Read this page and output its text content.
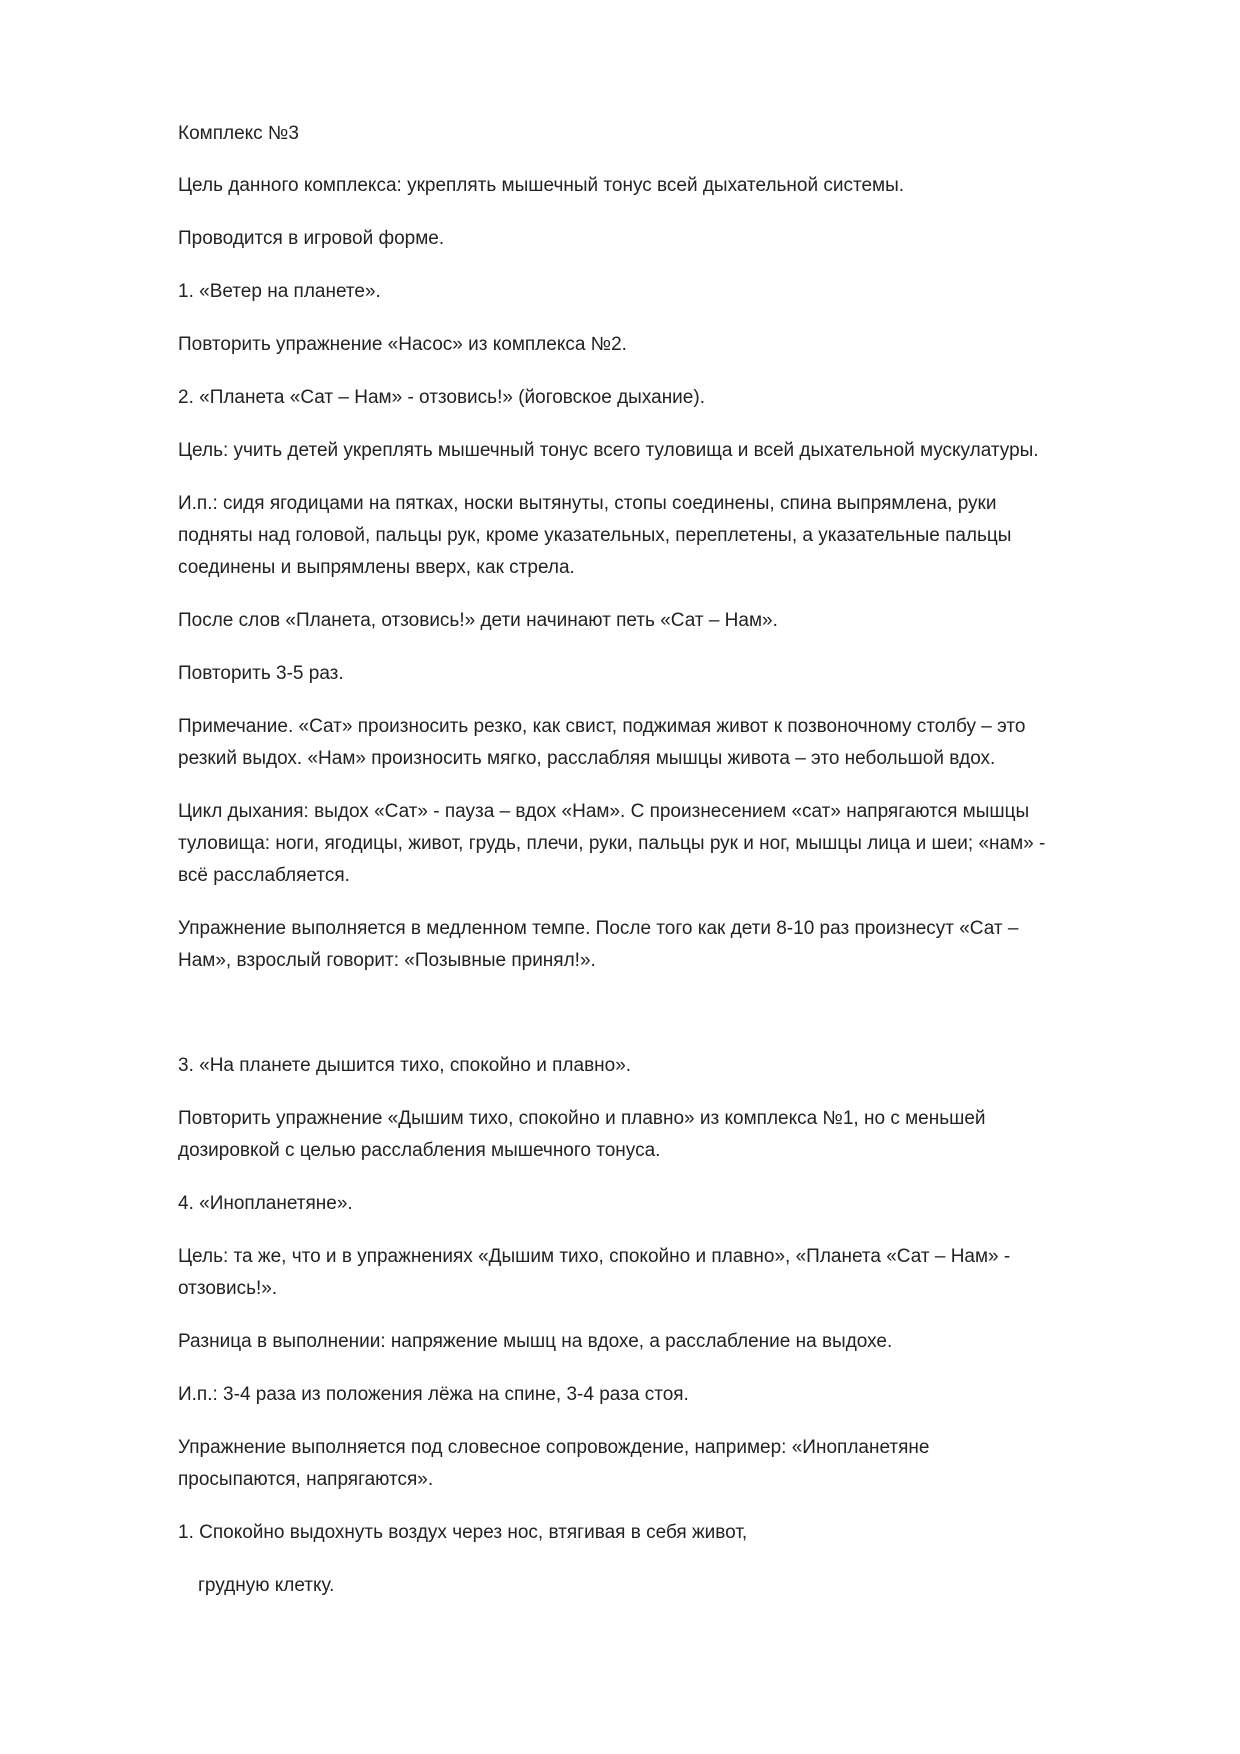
Комплекс №3

Цель данного комплекса: укреплять мышечный тонус всей дыхательной системы.

Проводится в игровой форме.

1. «Ветер на планете».

Повторить упражнение «Насос» из комплекса №2.

2. «Планета «Сат – Нам» - отзовись!» (йоговское дыхание).

Цель: учить детей укреплять мышечный тонус всего туловища и всей дыхательной мускулатуры.

И.п.: сидя ягодицами на пятках, носки вытянуты, стопы соединены, спина выпрямлена, руки
подняты над головой, пальцы рук, кроме указательных, переплетены, а указательные пальцы
соединены и выпрямлены вверх, как стрела.

После слов «Планета, отзовись!» дети начинают петь «Сат – Нам».

Повторить 3-5 раз.

Примечание. «Сат» произносить резко, как свист, поджимая живот к позвоночному столбу – это
резкий выдох. «Нам» произносить мягко, расслабляя мышцы живота – это небольшой вдох.

Цикл дыхания: выдох «Сат» - пауза – вдох «Нам». С произнесением «сат» напрягаются мышцы
туловища: ноги, ягодицы, живот, грудь, плечи, руки, пальцы рук и ног, мышцы лица и шеи; «нам» -
всё расслабляется.

Упражнение выполняется в медленном темпе. После того как дети 8-10 раз произнесут «Сат –
Нам», взрослый говорит: «Позывные принял!».

3. «На планете дышится тихо, спокойно и плавно».

Повторить упражнение «Дышим тихо, спокойно и плавно» из комплекса №1, но с меньшей
дозировкой с целью расслабления мышечного тонуса.

4. «Инопланетяне».

Цель: та же, что и в упражнениях «Дышим тихо, спокойно и плавно», «Планета «Сат – Нам» -
отзовись!».

Разница в выполнении: напряжение мышц на вдохе, а расслабление на выдохе.

И.п.: 3-4 раза из положения лёжа на спине, 3-4 раза стоя.

Упражнение выполняется под словесное сопровождение, например: «Инопланетяне
просыпаются, напрягаются».

1. Спокойно выдохнуть воздух через нос, втягивая в себя живот,

грудную клетку.
